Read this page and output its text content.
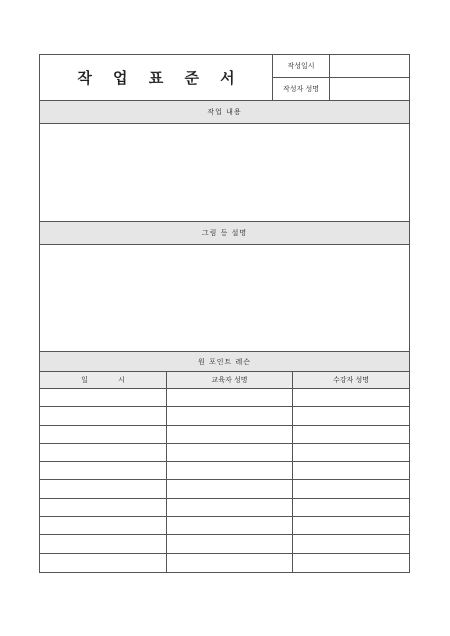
작 업 표 준 서
작성일시
작성자 성명
작업 내용
그림 등 설명
원 포인트 레슨
일 시	교육자 성명	수강자 성명
